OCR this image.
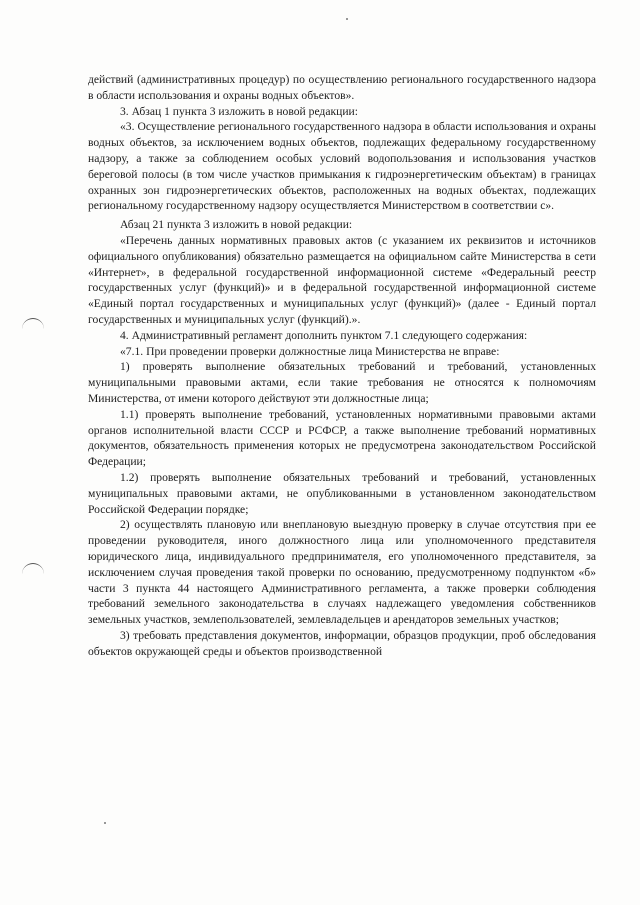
действий (административных процедур) по осуществлению регионального государственного надзора в области использования и охраны водных объектов».

3. Абзац 1 пункта 3 изложить в новой редакции:

«3. Осуществление регионального государственного надзора в области использования и охраны водных объектов, за исключением водных объектов, подлежащих федеральному государственному надзору, а также за соблюдением особых условий водопользования и использования участков береговой полосы (в том числе участков примыкания к гидроэнергетическим объектам) в границах охранных зон гидроэнергетических объектов, расположенных на водных объектах, подлежащих региональному государственному надзору осуществляется Министерством в соответствии с».

Абзац 21 пункта 3 изложить в новой редакции:

«Перечень данных нормативных правовых актов (с указанием их реквизитов и источников официального опубликования) обязательно размещается на официальном сайте Министерства в сети «Интернет», в федеральной государственной информационной системе «Федеральный реестр государственных услуг (функций)» и в федеральной государственной информационной системе «Единый портал государственных и муниципальных услуг (функций)» (далее - Единый портал государственных и муниципальных услуг (функций).».

4. Административный регламент дополнить пунктом 7.1 следующего содержания:

«7.1. При проведении проверки должностные лица Министерства не вправе:

1) проверять выполнение обязательных требований и требований, установленных муниципальными правовыми актами, если такие требования не относятся к полномочиям Министерства, от имени которого действуют эти должностные лица;

1.1) проверять выполнение требований, установленных нормативными правовыми актами органов исполнительной власти СССР и РСФСР, а также выполнение требований нормативных документов, обязательность применения которых не предусмотрена законодательством Российской Федерации;

1.2) проверять выполнение обязательных требований и требований, установленных муниципальных правовыми актами, не опубликованными в установленном законодательством Российской Федерации порядке;

2) осуществлять плановую или внеплановую выездную проверку в случае отсутствия при ее проведении руководителя, иного должностного лица или уполномоченного представителя юридического лица, индивидуального предпринимателя, его уполномоченного представителя, за исключением случая проведения такой проверки по основанию, предусмотренному подпунктом «б» части 3 пункта 44 настоящего Административного регламента, а также проверки соблюдения требований земельного законодательства в случаях надлежащего уведомления собственников земельных участков, землепользователей, землевладельцев и арендаторов земельных участков;

3) требовать представления документов, информации, образцов продукции, проб обследования объектов окружающей среды и объектов производственной
